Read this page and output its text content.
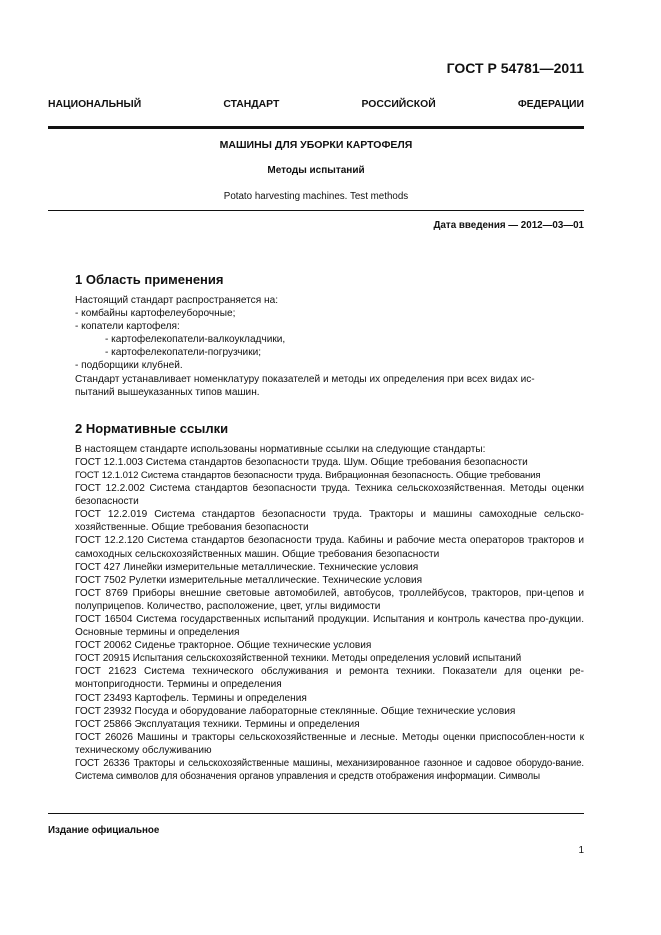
ГОСТ Р 54781—2011
НАЦИОНАЛЬНЫЙ СТАНДАРТ РОССИЙСКОЙ ФЕДЕРАЦИИ
МАШИНЫ ДЛЯ УБОРКИ КАРТОФЕЛЯ
Методы испытаний
Potato harvesting machines. Test methods
Дата введения — 2012—03—01
1 Область применения
Настоящий стандарт распространяется на:
- комбайны картофелеуборочные;
- копатели картофеля:
- картофелекопатели-валкоукладчики,
- картофелекопатели-погрузчики;
- подборщики клубней.
Стандарт устанавливает номенклатуру показателей и методы их определения при всех видах ис-
пытаний вышеуказанных типов машин.
2 Нормативные ссылки
В настоящем стандарте использованы нормативные ссылки на следующие стандарты:
ГОСТ 12.1.003 Система стандартов безопасности труда. Шум. Общие требования безопасности
ГОСТ 12.1.012 Система стандартов безопасности труда. Вибрационная безопасность. Общие требования
ГОСТ 12.2.002 Система стандартов безопасности труда. Техника сельскохозяйственная. Методы оценки безопасности
ГОСТ 12.2.019 Система стандартов безопасности труда. Тракторы и машины самоходные сельско-хозяйственные. Общие требования безопасности
ГОСТ 12.2.120 Система стандартов безопасности труда. Кабины и рабочие места операторов тракторов и самоходных сельскохозяйственных машин. Общие требования безопасности
ГОСТ 427 Линейки измерительные металлические. Технические условия
ГОСТ 7502 Рулетки измерительные металлические. Технические условия
ГОСТ 8769 Приборы внешние световые автомобилей, автобусов, троллейбусов, тракторов, при-цепов и полуприцепов. Количество, расположение, цвет, углы видимости
ГОСТ 16504 Система государственных испытаний продукции. Испытания и контроль качества про-дукции. Основные термины и определения
ГОСТ 20062 Сиденье тракторное. Общие технические условия
ГОСТ 20915 Испытания сельскохозяйственной техники. Методы определения условий испытаний
ГОСТ 21623 Система технического обслуживания и ремонта техники. Показатели для оценки ре-монтопригодности. Термины и определения
ГОСТ 23493 Картофель. Термины и определения
ГОСТ 23932 Посуда и оборудование лабораторные стеклянные. Общие технические условия
ГОСТ 25866 Эксплуатация техники. Термины и определения
ГОСТ 26026 Машины и тракторы сельскохозяйственные и лесные. Методы оценки приспособлен-ности к техническому обслуживанию
ГОСТ 26336 Тракторы и сельскохозяйственные машины, механизированное газонное и садовое оборудо-вание. Система символов для обозначения органов управления и средств отображения информации. Символы
Издание официальное
1
